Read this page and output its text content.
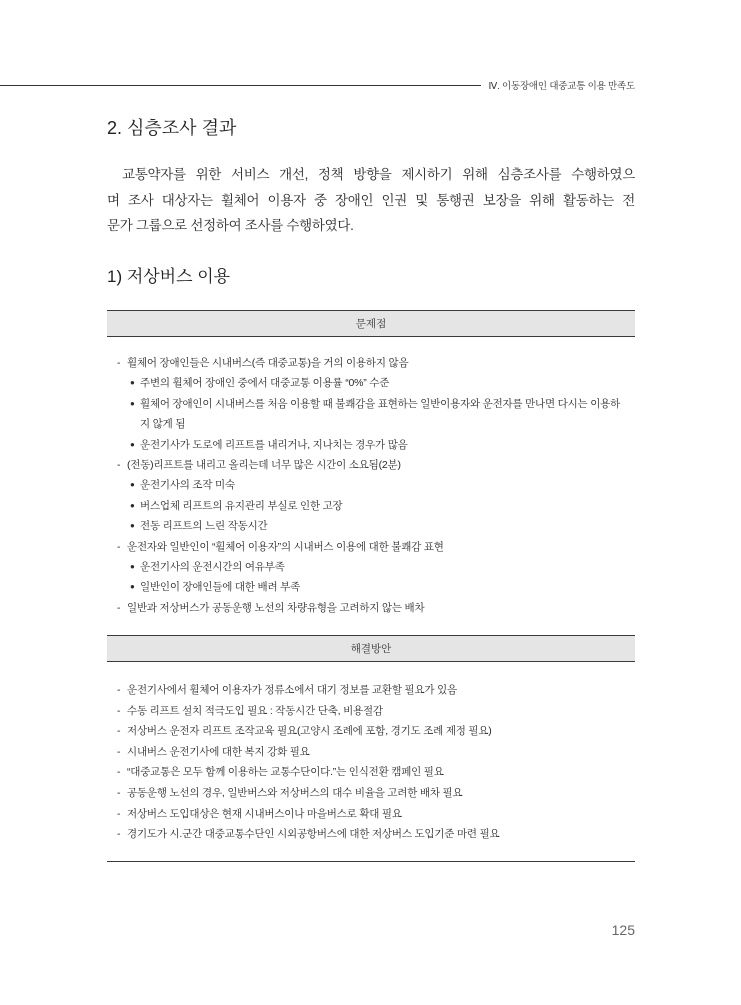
Ⅳ. 이동장애인 대중교통 이용 만족도
2. 심층조사 결과
교통약자를 위한 서비스 개선, 정책 방향을 제시하기 위해 심층조사를 수행하였으
며 조사 대상자는 휠체어 이용자 중 장애인 인권 및 통행권 보장을 위해 활동하는 전
문가 그룹으로 선정하여 조사를 수행하였다.
1) 저상버스 이용
문제점
- 휠체어 장애인들은 시내버스(즉 대중교통)을 거의 이용하지 않음
● 주변의 휠체어 장애인 중에서 대중교통 이용률 “0%” 수준
● 휠체어 장애인이 시내버스를 처음 이용할 때 불쾌감을 표현하는 일반이용자와 운전자를 만나면 다시는 이용하지 않게 됨
● 운전기사가 도로에 리프트를 내리거나, 지나치는 경우가 많음
- (전동)리프트를 내리고 올리는데 너무 많은 시간이 소요됨(2분)
● 운전기사의 조작 미숙
● 버스업체 리프트의 유지관리 부실로 인한 고장
● 전동 리프트의 느린 작동시간
- 운전자와 일반인이 “휠체어 이용자”의 시내버스 이용에 대한 불쾌감 표현
● 운전기사의 운전시간의 여유부족
● 일반인이 장애인들에 대한 배려 부족
- 일반과 저상버스가 공동운행 노선의 차량유형을 고려하지 않는 배차
해결방안
- 운전기사에서 휠체어 이용자가 정류소에서 대기 정보를 교환할 필요가 있음
- 수동 리프트 설치 적극도입 필요 : 작동시간 단축, 비용절감
- 저상버스 운전자 리프트 조작교육 필요(고양시 조례에 포함, 경기도 조례 제정 필요)
- 시내버스 운전기사에 대한 복지 강화 필요
- “대중교통은 모두 함께 이용하는 교통수단이다.”는 인식전환 캠페인 필요
- 공동운행 노선의 경우, 일반버스와 저상버스의 대수 비율을 고려한 배차 필요
- 저상버스 도입대상은 현재 시내버스이나 마을버스로 확대 필요
- 경기도가 시.군간 대중교통수단인 시외공항버스에 대한 저상버스 도입기준 마련 필요
125
